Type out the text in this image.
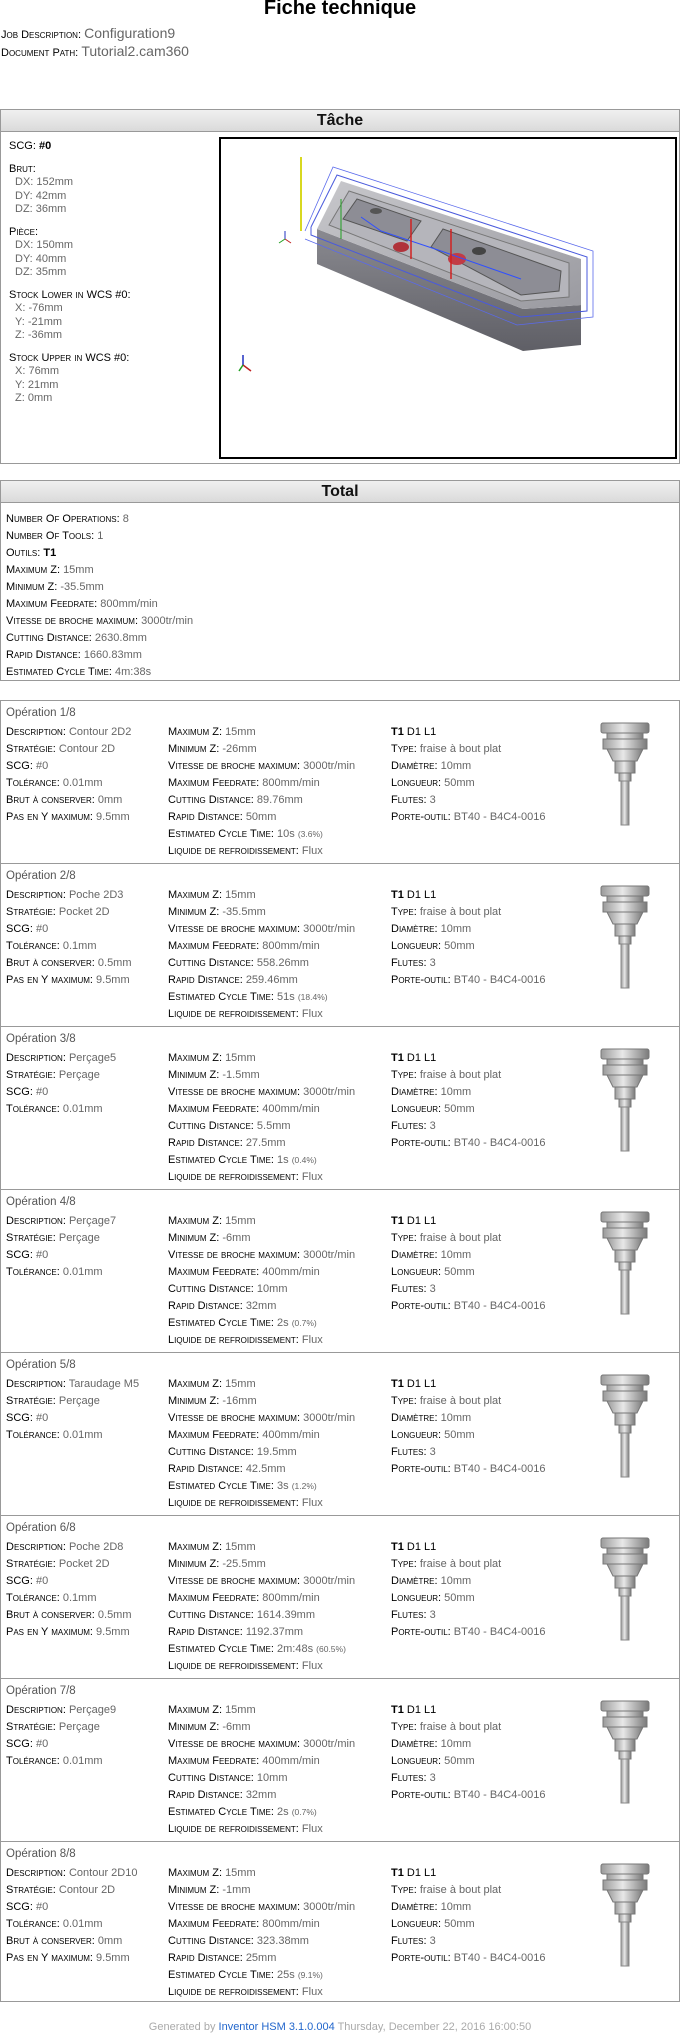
Fiche technique
Job Description: Configuration9
Document Path: Tutorial2.cam360
Tâche
SCG: #0
Brut:
DX: 152mm
DY: 42mm
DZ: 36mm
Pièce:
DX: 150mm
DY: 40mm
DZ: 35mm
Stock Lower in WCS #0:
X: -76mm
Y: -21mm
Z: -36mm
Stock Upper in WCS #0:
X: 76mm
Y: 21mm
Z: 0mm
Total
Number Of Operations: 8
Number Of Tools: 1
Outils: T1
Maximum Z: 15mm
Minimum Z: -35.5mm
Maximum Feedrate: 800mm/min
Vitesse de broche maximum: 3000tr/min
Cutting Distance: 2630.8mm
Rapid Distance: 1660.83mm
Estimated Cycle Time: 4m:38s
Opération 1/8
Description: Contour 2D2
Stratégie: Contour 2D
SCG: #0
Tolérance: 0.01mm
Brut à conserver: 0mm
Pas en Y maximum: 9.5mm
Maximum Z: 15mm
Minimum Z: -26mm
Vitesse de broche maximum: 3000tr/min
Maximum Feedrate: 800mm/min
Cutting Distance: 89.76mm
Rapid Distance: 50mm
Estimated Cycle Time: 10s (3.6%)
Liquide de refroidissement: Flux
T1 D1 L1
Type: fraise à bout plat
Diamètre: 10mm
Longueur: 50mm
Flutes: 3
Porte-outil: BT40 - B4C4-0016
Opération 2/8
Description: Poche 2D3
Stratégie: Pocket 2D
SCG: #0
Tolérance: 0.1mm
Brut à conserver: 0.5mm
Pas en Y maximum: 9.5mm
Maximum Z: 15mm
Minimum Z: -35.5mm
Vitesse de broche maximum: 3000tr/min
Maximum Feedrate: 800mm/min
Cutting Distance: 558.26mm
Rapid Distance: 259.46mm
Estimated Cycle Time: 51s (18.4%)
Liquide de refroidissement: Flux
T1 D1 L1
Type: fraise à bout plat
Diamètre: 10mm
Longueur: 50mm
Flutes: 3
Porte-outil: BT40 - B4C4-0016
Opération 3/8
Description: Perçage5
Stratégie: Perçage
SCG: #0
Tolérance: 0.01mm
Maximum Z: 15mm
Minimum Z: -1.5mm
Vitesse de broche maximum: 3000tr/min
Maximum Feedrate: 400mm/min
Cutting Distance: 5.5mm
Rapid Distance: 27.5mm
Estimated Cycle Time: 1s (0.4%)
Liquide de refroidissement: Flux
T1 D1 L1
Type: fraise à bout plat
Diamètre: 10mm
Longueur: 50mm
Flutes: 3
Porte-outil: BT40 - B4C4-0016
Opération 4/8
Description: Perçage7
Stratégie: Perçage
SCG: #0
Tolérance: 0.01mm
Maximum Z: 15mm
Minimum Z: -6mm
Vitesse de broche maximum: 3000tr/min
Maximum Feedrate: 400mm/min
Cutting Distance: 10mm
Rapid Distance: 32mm
Estimated Cycle Time: 2s (0.7%)
Liquide de refroidissement: Flux
T1 D1 L1
Type: fraise à bout plat
Diamètre: 10mm
Longueur: 50mm
Flutes: 3
Porte-outil: BT40 - B4C4-0016
Opération 5/8
Description: Taraudage M5
Stratégie: Perçage
SCG: #0
Tolérance: 0.01mm
Maximum Z: 15mm
Minimum Z: -16mm
Vitesse de broche maximum: 3000tr/min
Maximum Feedrate: 400mm/min
Cutting Distance: 19.5mm
Rapid Distance: 42.5mm
Estimated Cycle Time: 3s (1.2%)
Liquide de refroidissement: Flux
T1 D1 L1
Type: fraise à bout plat
Diamètre: 10mm
Longueur: 50mm
Flutes: 3
Porte-outil: BT40 - B4C4-0016
Opération 6/8
Description: Poche 2D8
Stratégie: Pocket 2D
SCG: #0
Tolérance: 0.1mm
Brut à conserver: 0.5mm
Pas en Y maximum: 9.5mm
Maximum Z: 15mm
Minimum Z: -25.5mm
Vitesse de broche maximum: 3000tr/min
Maximum Feedrate: 800mm/min
Cutting Distance: 1614.39mm
Rapid Distance: 1192.37mm
Estimated Cycle Time: 2m:48s (60.5%)
Liquide de refroidissement: Flux
T1 D1 L1
Type: fraise à bout plat
Diamètre: 10mm
Longueur: 50mm
Flutes: 3
Porte-outil: BT40 - B4C4-0016
Opération 7/8
Description: Perçage9
Stratégie: Perçage
SCG: #0
Tolérance: 0.01mm
Maximum Z: 15mm
Minimum Z: -6mm
Vitesse de broche maximum: 3000tr/min
Maximum Feedrate: 400mm/min
Cutting Distance: 10mm
Rapid Distance: 32mm
Estimated Cycle Time: 2s (0.7%)
Liquide de refroidissement: Flux
T1 D1 L1
Type: fraise à bout plat
Diamètre: 10mm
Longueur: 50mm
Flutes: 3
Porte-outil: BT40 - B4C4-0016
Opération 8/8
Description: Contour 2D10
Stratégie: Contour 2D
SCG: #0
Tolérance: 0.01mm
Brut à conserver: 0mm
Pas en Y maximum: 9.5mm
Maximum Z: 15mm
Minimum Z: -1mm
Vitesse de broche maximum: 3000tr/min
Maximum Feedrate: 800mm/min
Cutting Distance: 323.38mm
Rapid Distance: 25mm
Estimated Cycle Time: 25s (9.1%)
Liquide de refroidissement: Flux
T1 D1 L1
Type: fraise à bout plat
Diamètre: 10mm
Longueur: 50mm
Flutes: 3
Porte-outil: BT40 - B4C4-0016
Generated by Inventor HSM 3.1.0.004 Thursday, December 22, 2016 16:00:50
